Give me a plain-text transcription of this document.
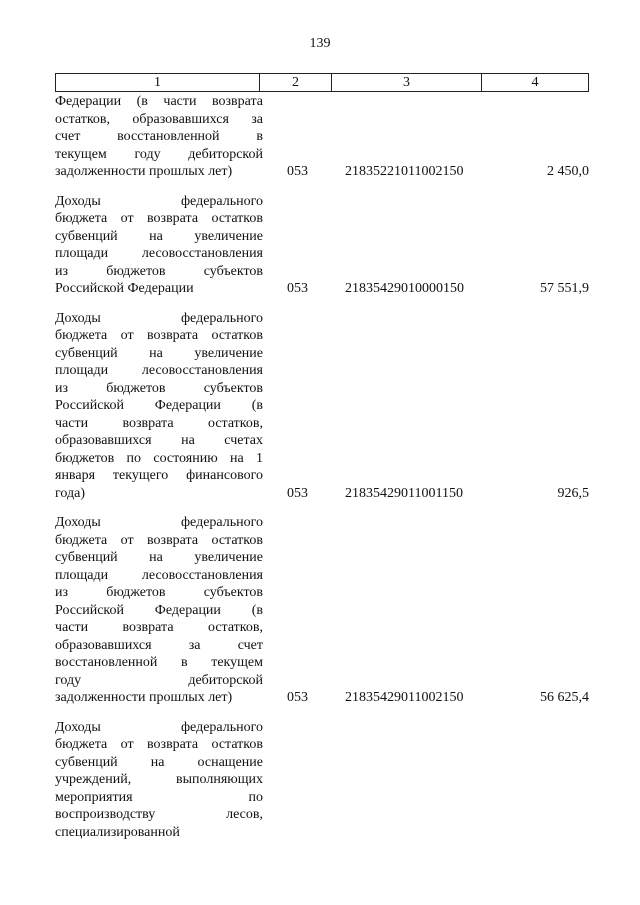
139
1	2	3	4
Федерации (в части возврата
остатков, образовавшихся за
счет восстановленной в
текущем году дебиторской
задолженности прошлых лет)	053	21835221011002150	2 450,0
Доходы федерального
бюджета от возврата остатков
субвенций на увеличение
площади лесовосстановления
из бюджетов субъектов
Российской Федерации	053	21835429010000150	57 551,9
Доходы федерального
бюджета от возврата остатков
субвенций на увеличение
площади лесовосстановления
из бюджетов субъектов
Российской Федерации (в
части возврата остатков,
образовавшихся на счетах
бюджетов по состоянию на 1
января текущего финансового
года)	053	21835429011001150	926,5
Доходы федерального
бюджета от возврата остатков
субвенций на увеличение
площади лесовосстановления
из бюджетов субъектов
Российской Федерации (в
части возврата остатков,
образовавшихся за счет
восстановленной в текущем
году дебиторской
задолженности прошлых лет)	053	21835429011002150	56 625,4
Доходы федерального
бюджета от возврата остатков
субвенций на оснащение
учреждений, выполняющих
мероприятия по
воспроизводству лесов,
специализированной
